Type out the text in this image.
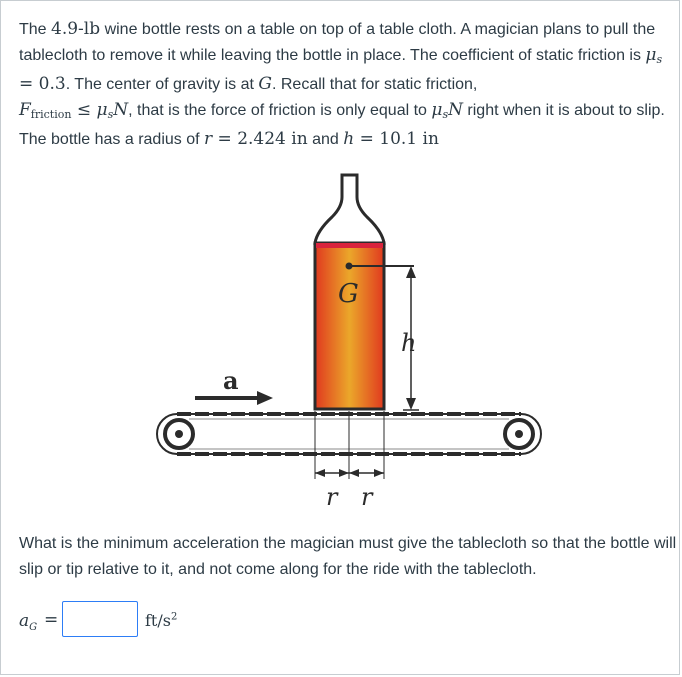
The 4.9-lb wine bottle rests on a table on top of a table cloth. A magician plans to pull the tablecloth to remove it while leaving the bottle in place. The coefficient of static friction is $\mu_s = 0.3$. The center of gravity is at G. Recall that for static friction,
$F_{friction} \le \mu_sN$, that is the force of friction is only equal to $\mu_sN$ right when it is about to slip. The bottle has a radius of r = 2.424 in and h = 10.1 in
G
h
a
r r
What is the minimum acceleration the magician must give the tablecloth so that the bottle will slip or tip relative to it, and not come along for the ride with the tablecloth.
$a_G$ =	$ft/s^2$
